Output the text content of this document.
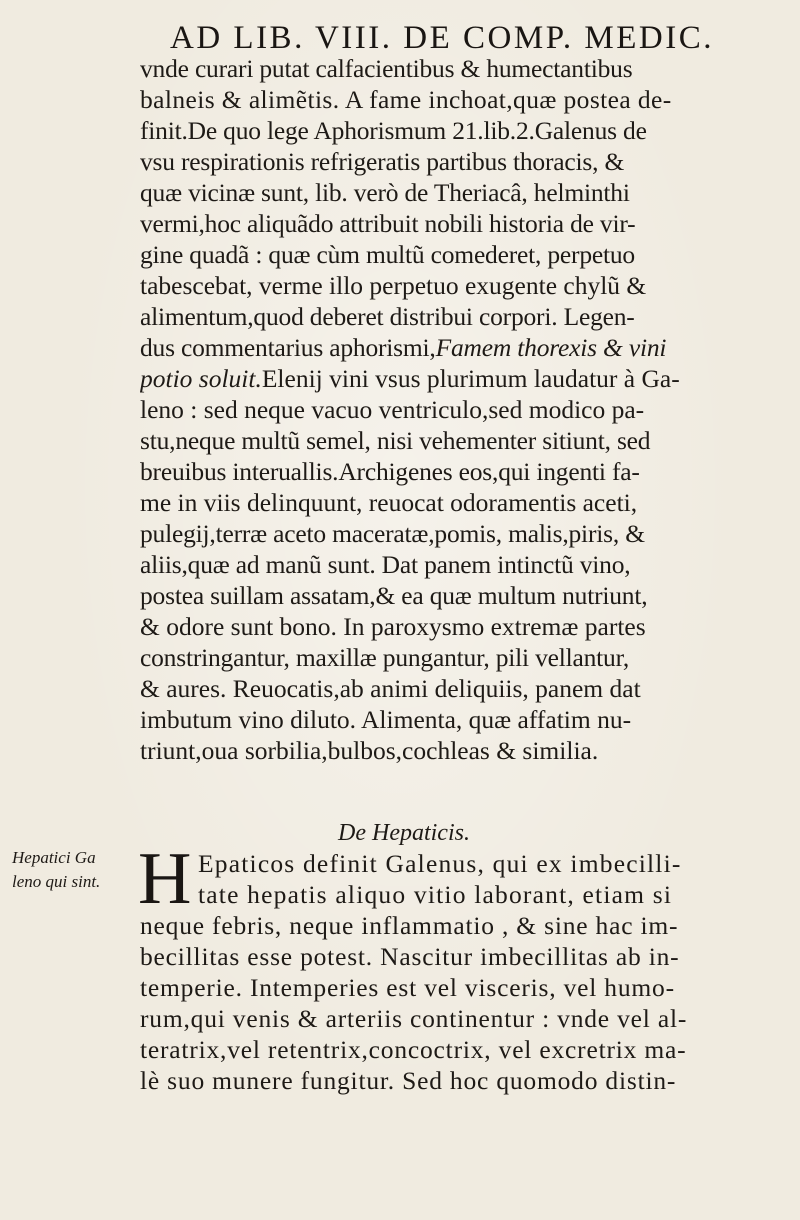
AD LIB. VIII. DE COMP. MEDIC.
vnde curari putat calfacientibus & humectantibus
balneis & alimẽtis. A fame inchoat,quæ postea de-
finit.De quo lege Aphorismum 21.lib.2.Galenus de
vsu respirationis refrigeratis partibus thoracis, &
quæ vicinæ sunt, lib. verò de Theriacâ, helminthi
vermi,hoc aliquãdo attribuit nobili historia de vir-
gine quadã : quæ cùm multũ comederet, perpetuo
tabescebat, verme illo perpetuo exugente chylũ &
alimentum,quod deberet distribui corpori. Legen-
dus commentarius aphorismi,Famem thorexis & vini
potio soluit.Elenij vini vsus plurimum laudatur à Ga-
leno : sed neque vacuo ventriculo,sed modico pa-
stu,neque multũ semel, nisi vehementer sitiunt, sed
breuibus interuallis.Archigenes eos,qui ingenti fa-
me in viis delinquunt, reuocat odoramentis aceti,
pulegij,terræ aceto maceratæ,pomis, malis,piris, &
aliis,quæ ad manũ sunt. Dat panem intinctũ vino,
postea suillam assatam,& ea quæ multum nutriunt,
& odore sunt bono. In paroxysmo extremæ partes
constringantur, maxillæ pungantur, pili vellantur,
& aures. Reuocatis,ab animi deliquiis, panem dat
imbutum vino diluto. Alimenta, quæ affatim nu-
triunt,oua sorbilia,bulbos,cochleas & similia.
De Hepaticis.
Hepatici Ga
leno qui sint. H Epaticos definit Galenus, qui ex imbecilli-
tate hepatis aliquo vitio laborant, etiam si
neque febris, neque inflammatio , & sine hac im-
becillitas esse potest. Nascitur imbecillitas ab in-
temperie. Intemperies est vel visceris, vel humo-
rum,qui venis & arteriis continentur : vnde vel al-
teratrix,vel retentrix,concoctrix, vel excretrix ma-
lè suo munere fungitur. Sed hoc quomodo distin-
